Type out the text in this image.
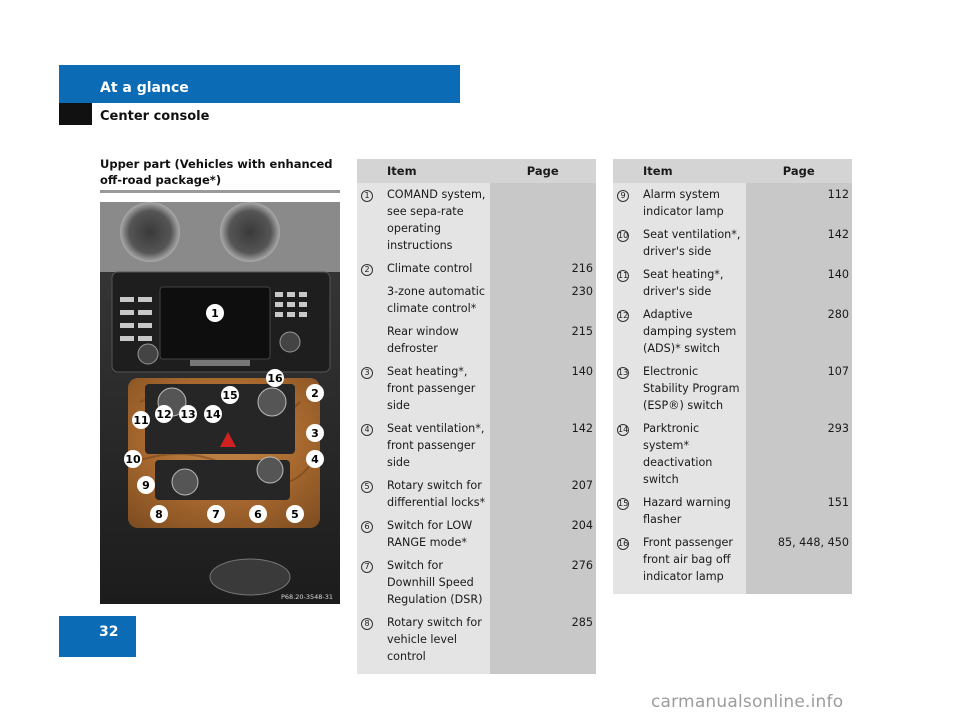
At a glance
Center console
Upper part (Vehicles with enhanced off-road package*)
1
2
3
4
5
6
7
8
9
10
11 12 13 14
15
16
P68.20-3548-31
	Item	Page
1	COMAND system, see sepa-rate operating instructions	
2	Climate control	216
	3-zone automatic climate control*	230
	Rear window defroster	215
3	Seat heating*, front passenger side	140
4	Seat ventilation*, front passenger side	142
5	Rotary switch for differential locks*	207
6	Switch for LOW RANGE mode*	204
7	Switch for Downhill Speed Regulation (DSR)	276
8	Rotary switch for vehicle level control	285

	Item	Page
9	Alarm system indicator lamp	112
10	Seat ventilation*, driver's side	142
11	Seat heating*, driver's side	140
12	Adaptive damping system (ADS)* switch	280
13	Electronic Stability Program (ESP®) switch	107
14	Parktronic system* deactivation switch	293
15	Hazard warning flasher	151
16	Front passenger front air bag off indicator lamp	85, 448, 450

32
carmanualsonline.info
